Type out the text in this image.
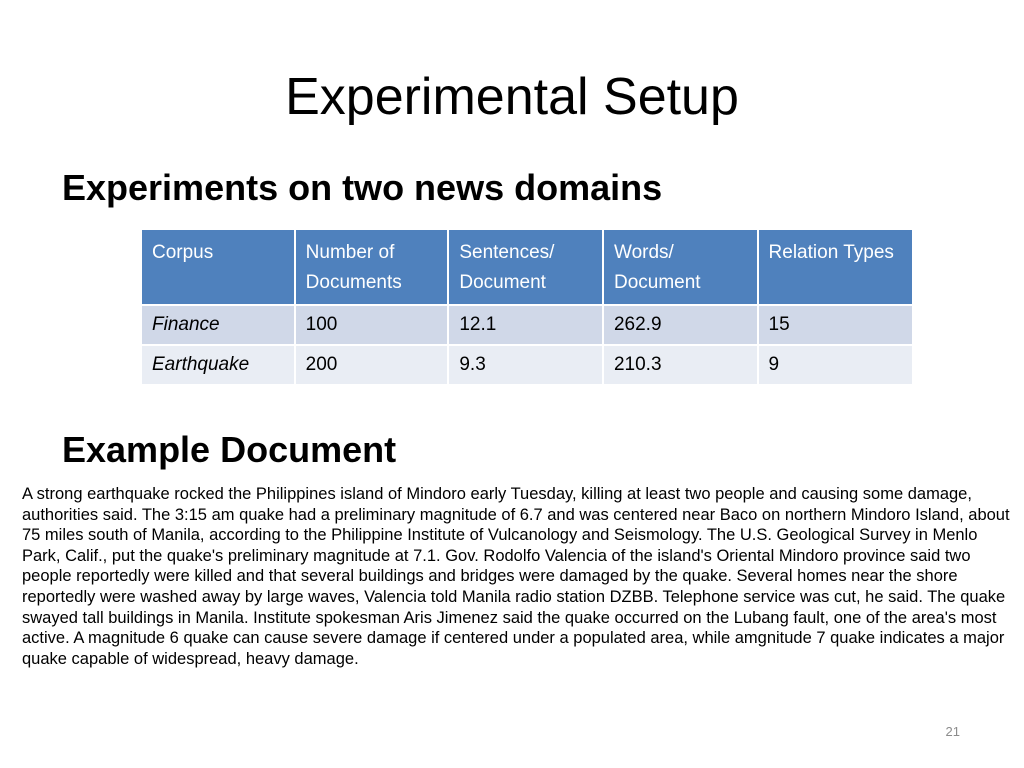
Experimental Setup
Experiments on two news domains
Corpus	Number of Documents	Sentences/ Document	Words/ Document	Relation Types
Finance	100	12.1	262.9	15
Earthquake	200	9.3	210.3	9
Example Document

A strong earthquake rocked the Philippines island of Mindoro early Tuesday, killing at least two people and causing some damage, authorities said. The 3:15 am quake had a preliminary magnitude of 6.7 and was centered near Baco on northern Mindoro Island, about 75 miles south of Manila, according to the Philippine Institute of Vulcanology and Seismology. The U.S. Geological Survey in Menlo Park, Calif., put the quake's preliminary magnitude at 7.1. Gov. Rodolfo Valencia of the island's Oriental Mindoro province said two people reportedly were killed and that several buildings and bridges were damaged by the quake. Several homes near the shore reportedly were washed away by large waves, Valencia told Manila radio station DZBB. Telephone service was cut, he said. The quake swayed tall buildings in Manila. Institute spokesman Aris Jimenez said the quake occurred on the Lubang fault, one of the area's most active. A magnitude 6 quake can cause severe damage if centered under a populated area, while amgnitude 7 quake indicates a major quake capable of widespread, heavy damage.

21
